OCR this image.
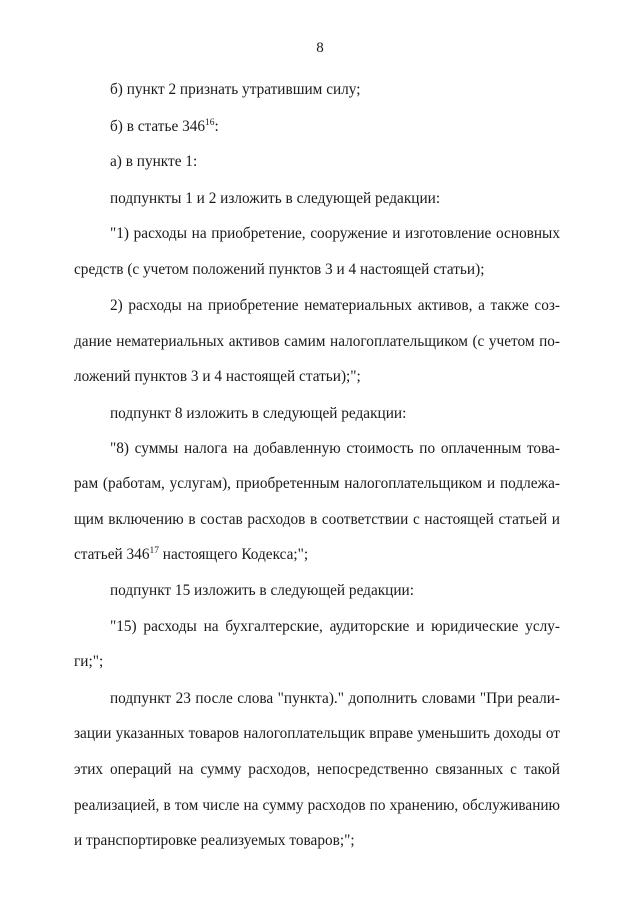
8
б) пункт 2 признать утратившим силу;
б) в статье $346^{16}$:
а) в пункте 1:
подпункты 1 и 2 изложить в следующей редакции:
"1) расходы на приобретение, сооружение и изготовление основных
средств (с учетом положений пунктов 3 и 4 настоящей статьи);
2) расходы на приобретение нематериальных активов, а также соз-
дание нематериальных активов самим налогоплательщиком (с учетом по-
ложений пунктов 3 и 4 настоящей статьи);";
подпункт 8 изложить в следующей редакции:
"8) суммы налога на добавленную стоимость по оплаченным това-
рам (работам, услугам), приобретенным налогоплательщиком и подлежа-
щим включению в состав расходов в соответствии с настоящей статьей и
статьей $346^{17}$ настоящего Кодекса;";
подпункт 15 изложить в следующей редакции:
"15) расходы на бухгалтерские, аудиторские и юридические услу-
ги;";
подпункт 23 после слова "пункта)." дополнить словами "При реали-
зации указанных товаров налогоплательщик вправе уменьшить доходы от
этих операций на сумму расходов, непосредственно связанных с такой
реализацией, в том числе на сумму расходов по хранению, обслуживанию
и транспортировке реализуемых товаров;";
